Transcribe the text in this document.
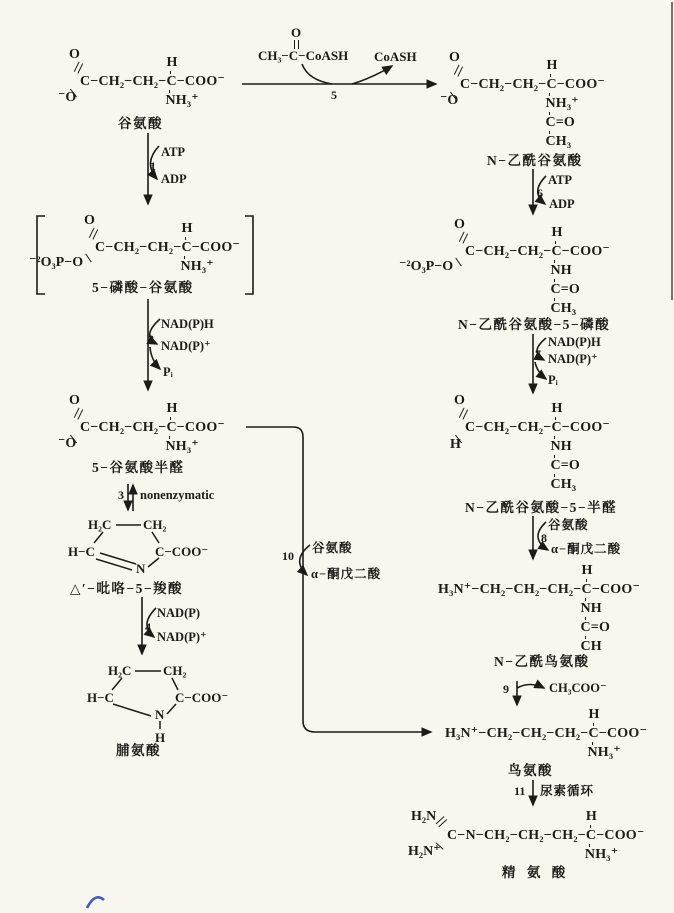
O
⁻O
C−CH₂−CH₂−
H
C
NH₃⁺
−COO⁻
谷氨酸
ATP
1
ADP
O
⁻²O₃P−O
C−CH₂−CH₂−
H
C
NH₃⁺
−COO⁻
5−磷酸−谷氨酸
NAD(P)H
2 NAD(P)⁺
Pᵢ
O
⁻O
C−CH₂−CH₂−
H
C
NH₃⁺
−COO⁻
5−谷氨酸半醛
3 nonenzymatic
H₂C CH₂
H−C	C−COO⁻
N
△′−吡咯−5−羧酸
NAD(P)
4
NAD(P)⁺
H₂C CH₂
H−C	C−COO⁻
N
H
脯氨酸
10
谷氨酸
α−酮戊二酸
O
CH₃−C−CoASH CoASH
5
O
⁻O
C−CH₂−CH₂−
H
C
NH₃⁺
C=O
CH₃
−COO⁻
N−乙酰谷氨酸
ATP
6
ADP
O
⁻²O₃P−O
C−CH₂−CH₂−
H
C
NH
C=O
CH₃
−COO⁻
N−乙酰谷氨酸−5−磷酸
NAD(P)H
7 NAD(P)⁺
Pᵢ
O
H
C−CH₂−CH₂−
H
C
NH
C=O
CH₃
−COO⁻
N−乙酰谷氨酸−5−半醛
谷氨酸
8
α−酮戊二酸
H₃N⁺−CH₂−CH₂−CH₂−
H
C
NH
C=O
CH
−COO⁻
N−乙酰鸟氨酸
9	CH₃COO⁻
H₃N⁺−CH₂−CH₂−CH₂−
H
C
NH₃⁺
−COO⁻
鸟氨酸
11 尿素循环
H₂N
H₂N⁺
C−N−CH₂−CH₂−CH₂−
H
C
NH₃⁺
−COO⁻
精 氨 酸
